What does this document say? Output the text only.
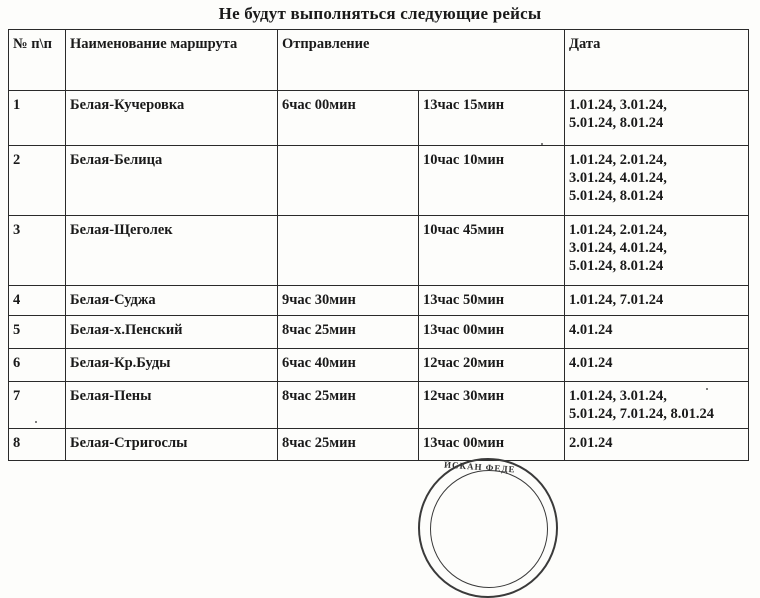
Не будут выполняться следующие рейсы
№ п\п	Наименование маршрута	Отправление		Дата
1	Белая-Кучеровка	6час 00мин	13час 15мин	1.01.24, 3.01.24,
5.01.24, 8.01.24

2	Белая-Белица		10час 10мин	1.01.24, 2.01.24,
3.01.24, 4.01.24,
5.01.24, 8.01.24

3	Белая-Щеголек		10час 45мин	1.01.24, 2.01.24,
3.01.24, 4.01.24,
5.01.24, 8.01.24

4	Белая-Суджа	9час 30мин	13час 50мин	1.01.24, 7.01.24

5	Белая-х.Пенский	8час 25мин	13час 00мин	4.01.24

6	Белая-Кр.Буды	6час 40мин	12час 20мин	4.01.24

7	Белая-Пены	8час 25мин	12час 30мин	1.01.24, 3.01.24,
5.01.24, 7.01.24, 8.01.24

8	Белая-Стригослы	8час 25мин	13час 00мин	2.01.24
ЙСКАН ФЕДЕ
